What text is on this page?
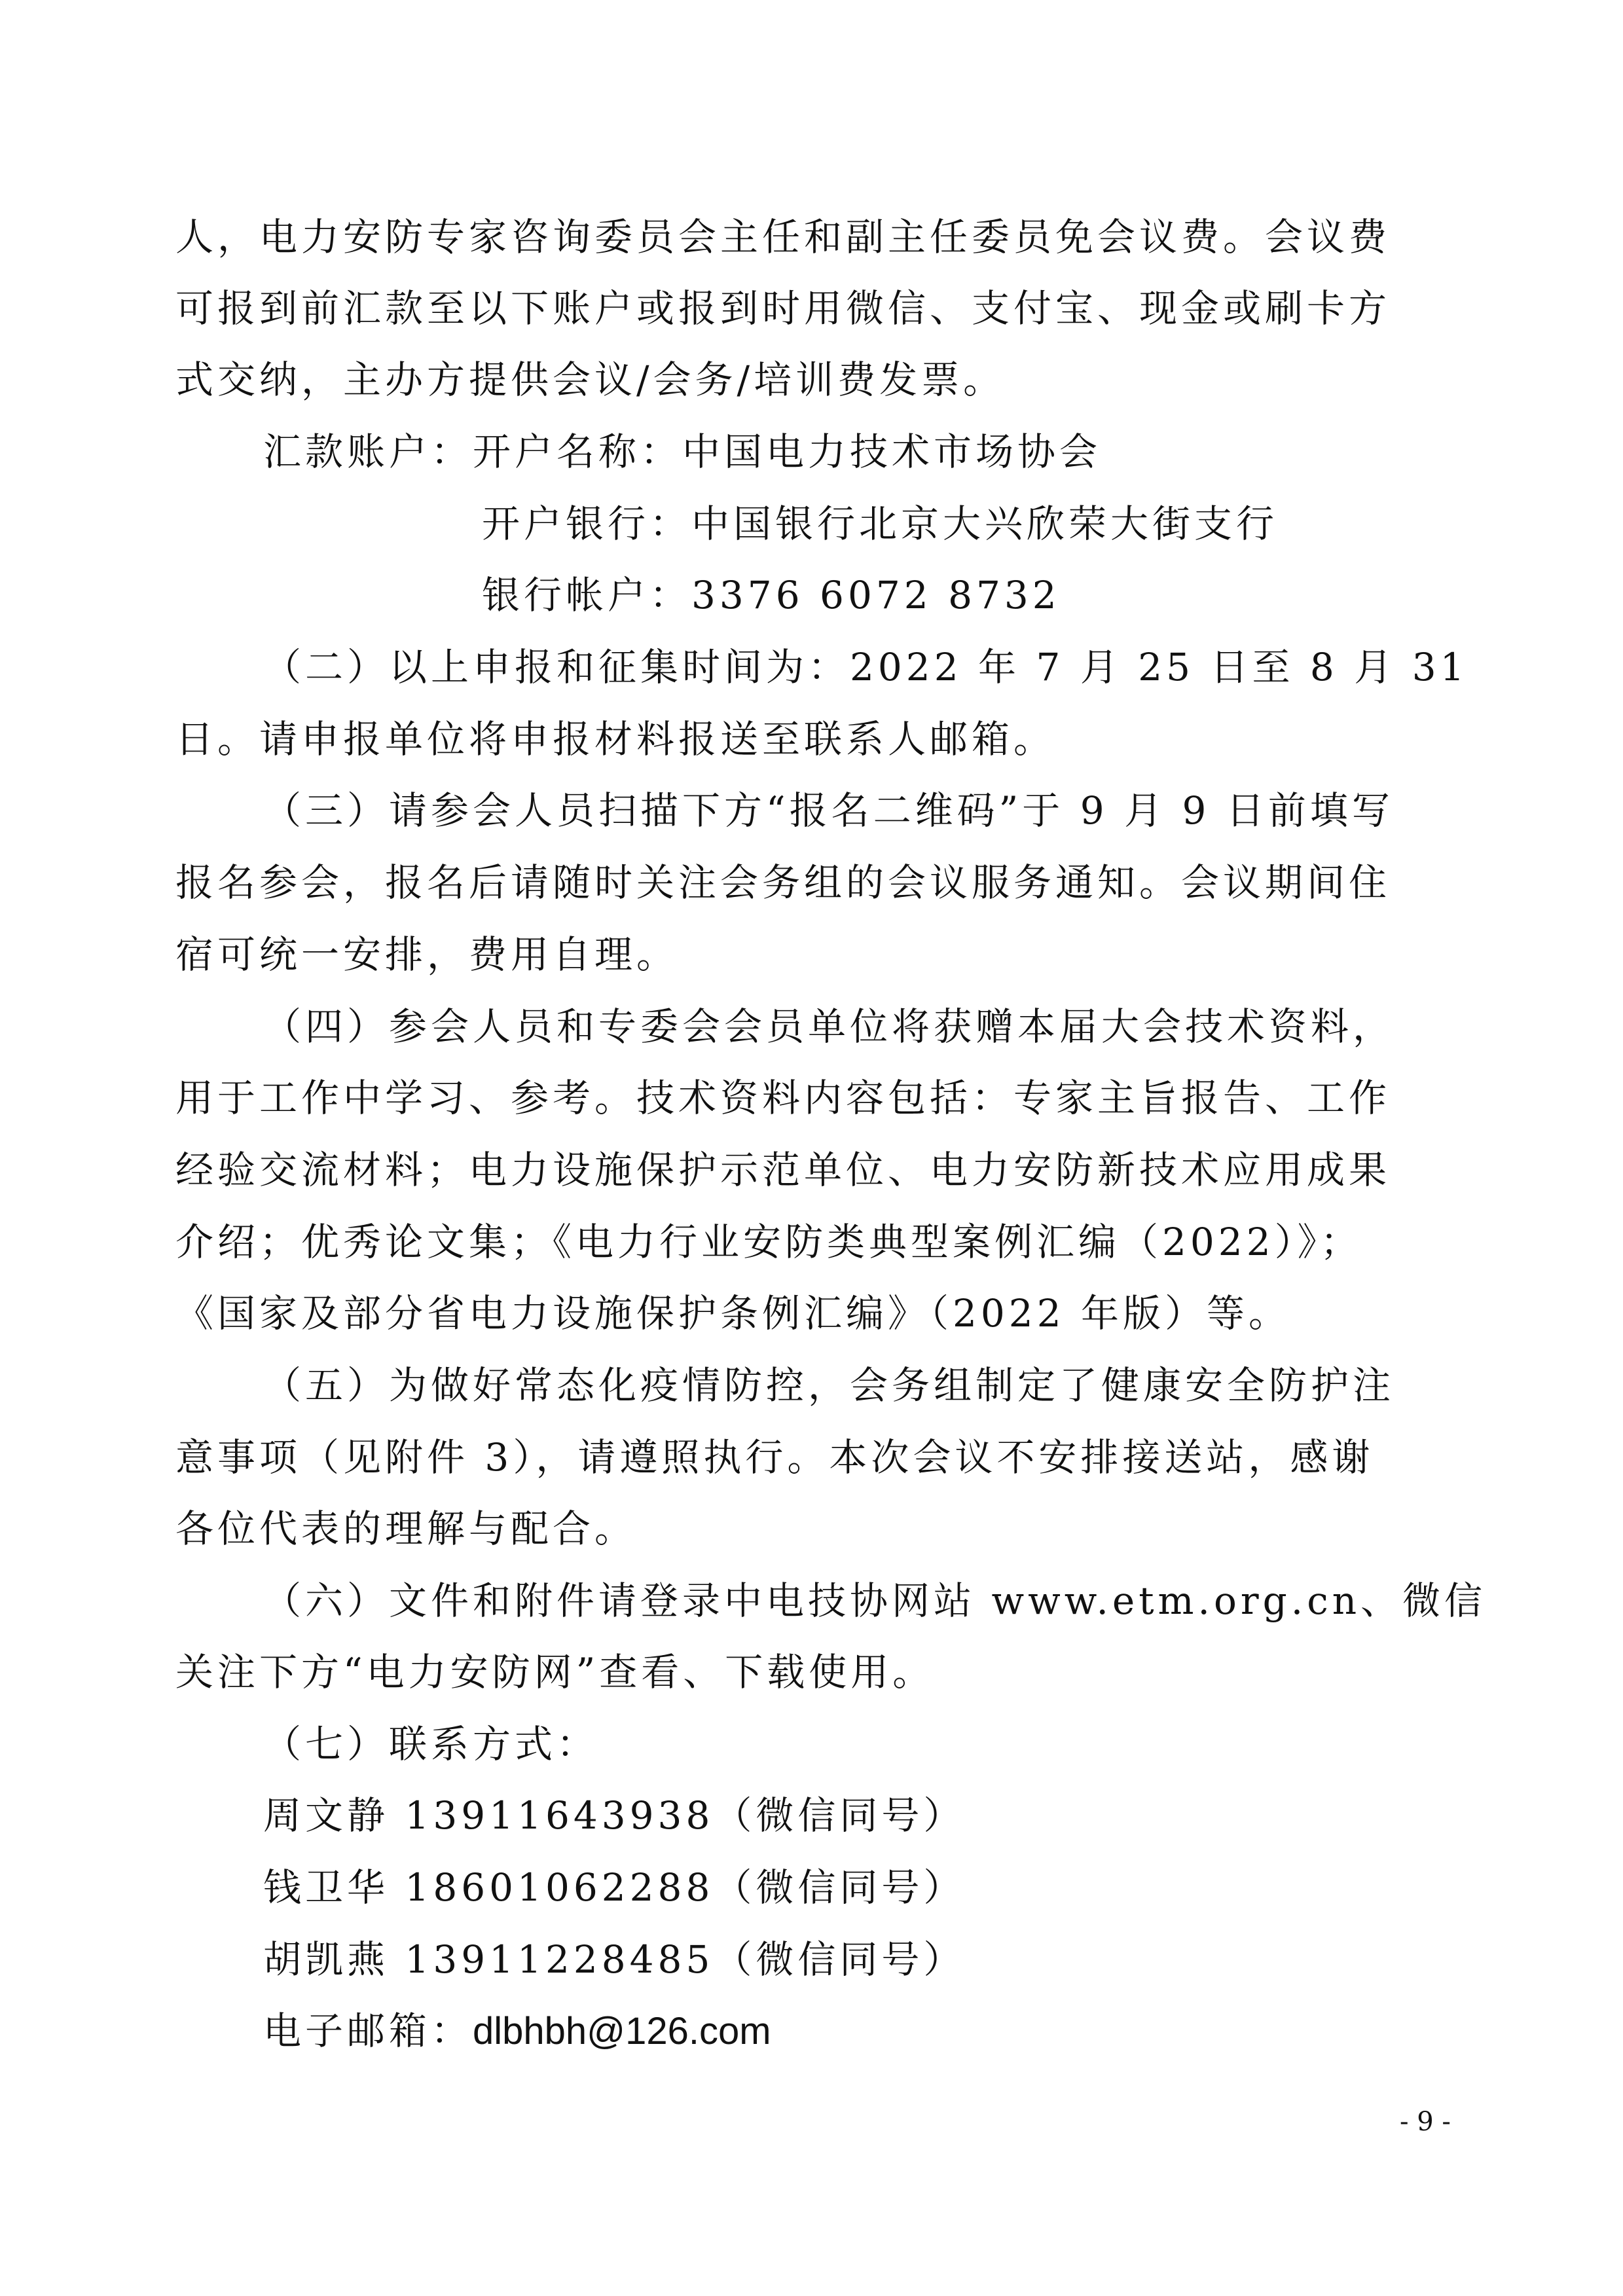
人，电力安防专家咨询委员会主任和副主任委员免会议费。会议费
可报到前汇款至以下账户或报到时用微信、支付宝、现金或刷卡方
式交纳，主办方提供会议/会务/培训费发票。
汇款账户：开户名称：中国电力技术市场协会
开户银行：中国银行北京大兴欣荣大街支行
银行帐户：3376 6072 8732
（二）以上申报和征集时间为：2022 年 7 月 25 日至 8 月 31
日。请申报单位将申报材料报送至联系人邮箱。
（三）请参会人员扫描下方“报名二维码”于 9 月 9 日前填写
报名参会，报名后请随时关注会务组的会议服务通知。会议期间住
宿可统一安排，费用自理。
（四）参会人员和专委会会员单位将获赠本届大会技术资料，
用于工作中学习、参考。技术资料内容包括：专家主旨报告、工作
经验交流材料；电力设施保护示范单位、电力安防新技术应用成果
介绍；优秀论文集；《电力行业安防类典型案例汇编（2022）》；
《国家及部分省电力设施保护条例汇编》（2022 年版）等。
（五）为做好常态化疫情防控，会务组制定了健康安全防护注
意事项（见附件 3），请遵照执行。本次会议不安排接送站，感谢
各位代表的理解与配合。
（六）文件和附件请登录中电技协网站 www.etm.org.cn、微信
关注下方“电力安防网”查看、下载使用。
（七）联系方式：
周文静 13911643938（微信同号）
钱卫华 18601062288（微信同号）
胡凯燕 13911228485（微信同号）
电子邮箱：dlbhbh@126.com
- 9 -
